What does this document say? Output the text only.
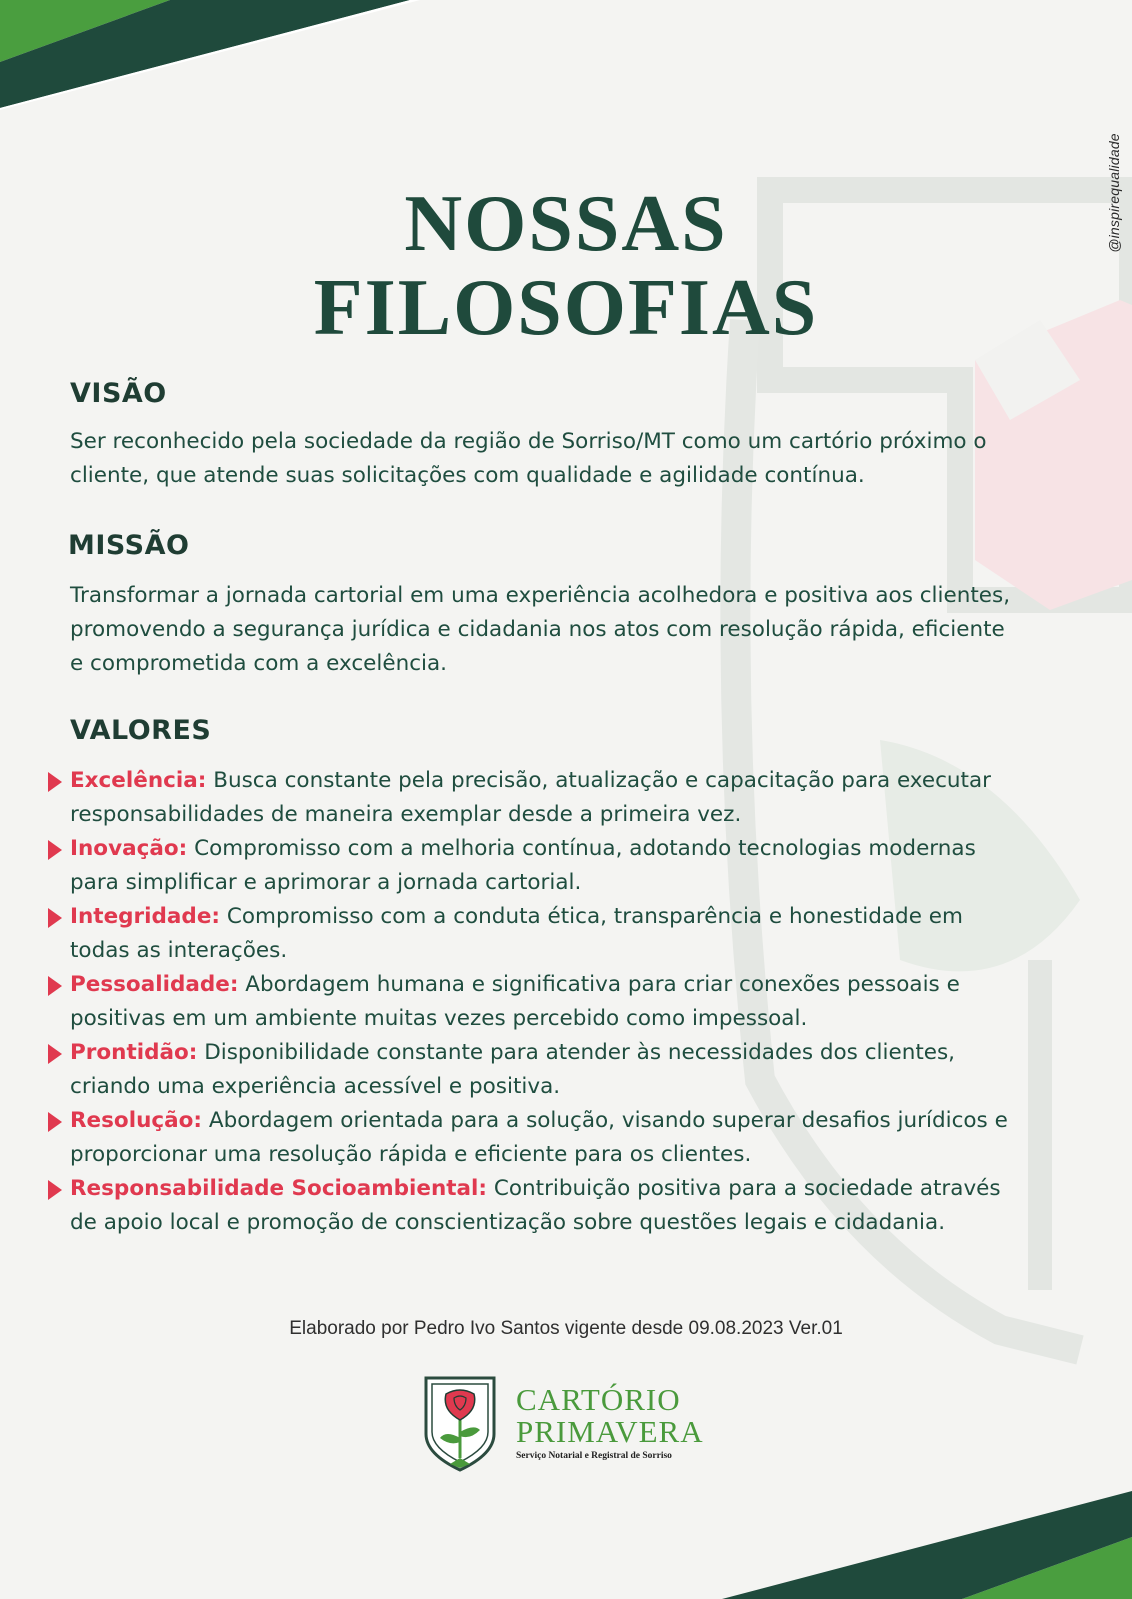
@inspirequalidade
NOSSAS
FILOSOFIAS
VISÃO
Ser reconhecido pela sociedade da região de Sorriso/MT como um cartório próximo o
cliente, que atende suas solicitações com qualidade e agilidade contínua.
MISSÃO
Transformar a jornada cartorial em uma experiência acolhedora e positiva aos clientes,
promovendo a segurança jurídica e cidadania nos atos com resolução rápida, eficiente
e comprometida com a excelência.
VALORES
Excelência: Busca constante pela precisão, atualização e capacitação para executar
responsabilidades de maneira exemplar desde a primeira vez.
Inovação: Compromisso com a melhoria contínua, adotando tecnologias modernas
para simplificar e aprimorar a jornada cartorial.
Integridade: Compromisso com a conduta ética, transparência e honestidade em
todas as interações.
Pessoalidade: Abordagem humana e significativa para criar conexões pessoais e
positivas em um ambiente muitas vezes percebido como impessoal.
Prontidão: Disponibilidade constante para atender às necessidades dos clientes,
criando uma experiência acessível e positiva.
Resolução: Abordagem orientada para a solução, visando superar desafios jurídicos e
proporcionar uma resolução rápida e eficiente para os clientes.
Responsabilidade Socioambiental: Contribuição positiva para a sociedade através
de apoio local e promoção de conscientização sobre questões legais e cidadania.
Elaborado por Pedro Ivo Santos vigente desde 09.08.2023 Ver.01
CARTÓRIO
PRIMAVERA
Serviço Notarial e Registral de Sorriso
